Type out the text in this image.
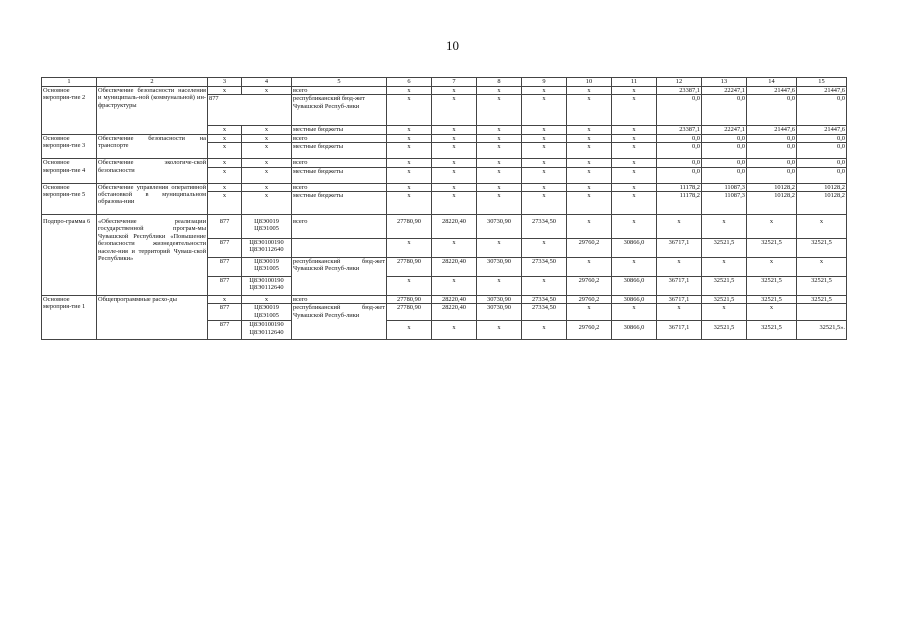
10
1	2	3	4	5	6	7	8	9	10	11	12	13	14	15
Основное мероприя-тие 2	Обеспечение безопасности населения и муниципаль-ной (коммунальной) ин-фраструктуры	x	x	всего	x	x	x	x	x	x	23387,1	22247,1	21447,6	21447,6
		877		республиканский бюд-жет Чувашской Респуб-лики	x	x	x	x	x	x	0,0	0,0	0,0	0,0
		x	x	местные бюджеты	x	x	x	x	x	x	23387,1	22247,1	21447,6	21447,6
Основное мероприя-тие 3	Обеспечение безопасности на транспорте	x	x	всего	x	x	x	x	x	x	0,0	0,0	0,0	0,0
		x	x	местные бюджеты	x	x	x	x	x	x	0,0	0,0	0,0	0,0
Основное мероприя-тие 4	Обеспечение экологиче-ской безопасности	x	x	всего	x	x	x	x	x	x	0,0	0,0	0,0	0,0
		x	x	местные бюджеты	x	x	x	x	x	x	0,0	0,0	0,0	0,0
Основное мероприя-тие 5	Обеспечение управления оперативной обстановкой в муниципальном образова-нии	x	x	всего	x	x	x	x	x	x	11178,2	11087,3	10128,2	10128,2
		x	x	местные бюджеты	x	x	x	x	x	x	11178,2	11087,3	10128,2	10128,2
Подпро-грамма 6	«Обеспечение реализации государственной програм-мы Чувашской Республики «Повышение безопасности жизнедеятельности населе-ния и территорий Чуваш-ской Республики»	877	Ц8Э0019
Ц8Э1005	всего	27780,90	28220,40	30730,90	27334,50	x	x	x	x	x	x
		877	Ц8Э0100190
Ц8Э0112640		x	x	x	x	29760,2	30866,0	36717,1	32521,5	32521,5	32521,5
		877	Ц8Э0019
Ц8Э1005	республиканский бюд-жет Чувашской Респуб-лики	27780,90	28220,40	30730,90	27334,50	x	x	x	x	x	x
		877	Ц8Э0100190
Ц8Э0112640		x	x	x	x	29760,2	30866,0	36717,1	32521,5	32521,5	32521,5
Основное мероприя-тие 1	Общепрограммные расхо-ды	x	x	всего	27780,90	28220,40	30730,90	27334,50	29760,2	30866,0	36717,1	32521,5	32521,5	32521,5
		877	Ц8Э0019
Ц8Э1005	республиканский бюд-жет Чувашской Респуб-лики	27780,90	28220,40	30730,90	27334,50	x	x	x	x	x	
		877	Ц8Э0100190
Ц8Э0112640		x	x	x	x	29760,2	30866,0	36717,1	32521,5	32521,5	32521,5».
